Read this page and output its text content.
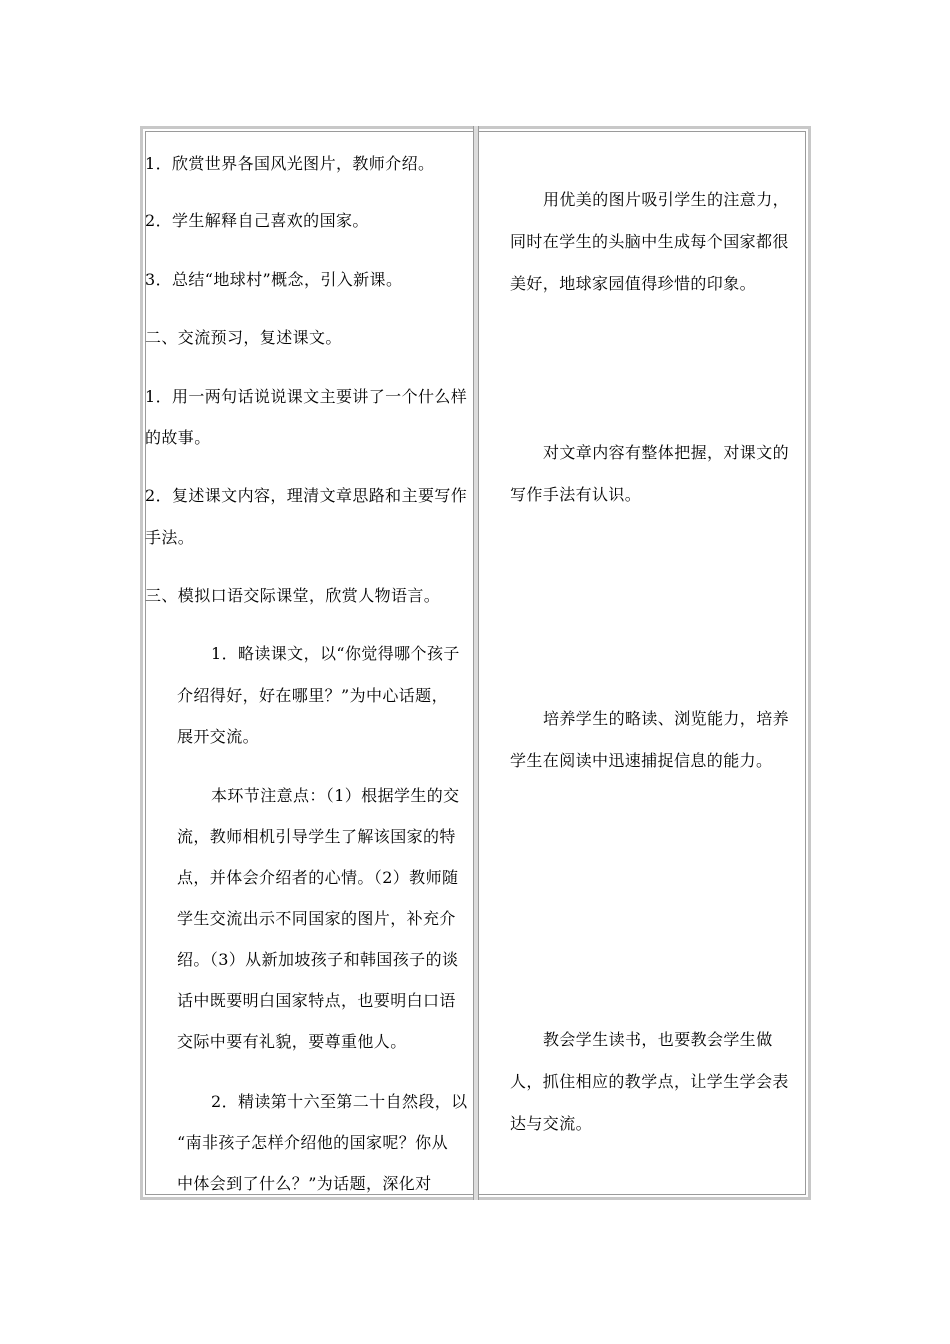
1．欣赏世界各国风光图片，教师介绍。
2．学生解释自己喜欢的国家。
3．总结“地球村”概念，引入新课。
二、交流预习，复述课文。
1．用一两句话说说课文主要讲了一个什么样
的故事。
2．复述课文内容，理清文章思路和主要写作
手法。
三、模拟口语交际课堂，欣赏人物语言。
1．略读课文，以“你觉得哪个孩子
介绍得好，好在哪里？”为中心话题，
展开交流。
本环节注意点：（1）根据学生的交
流，教师相机引导学生了解该国家的特
点，并体会介绍者的心情。（2）教师随
学生交流出示不同国家的图片，补充介
绍。（3）从新加坡孩子和韩国孩子的谈
话中既要明白国家特点，也要明白口语
交际中要有礼貌，要尊重他人。
2．精读第十六至第二十自然段，以
“南非孩子怎样介绍他的国家呢？你从
中体会到了什么？”为话题，深化对
用优美的图片吸引学生的注意力，
同时在学生的头脑中生成每个国家都很
美好，地球家园值得珍惜的印象。
对文章内容有整体把握，对课文的
写作手法有认识。
培养学生的略读、浏览能力，培养
学生在阅读中迅速捕捉信息的能力。
教会学生读书，也要教会学生做
人，抓住相应的教学点，让学生学会表
达与交流。
